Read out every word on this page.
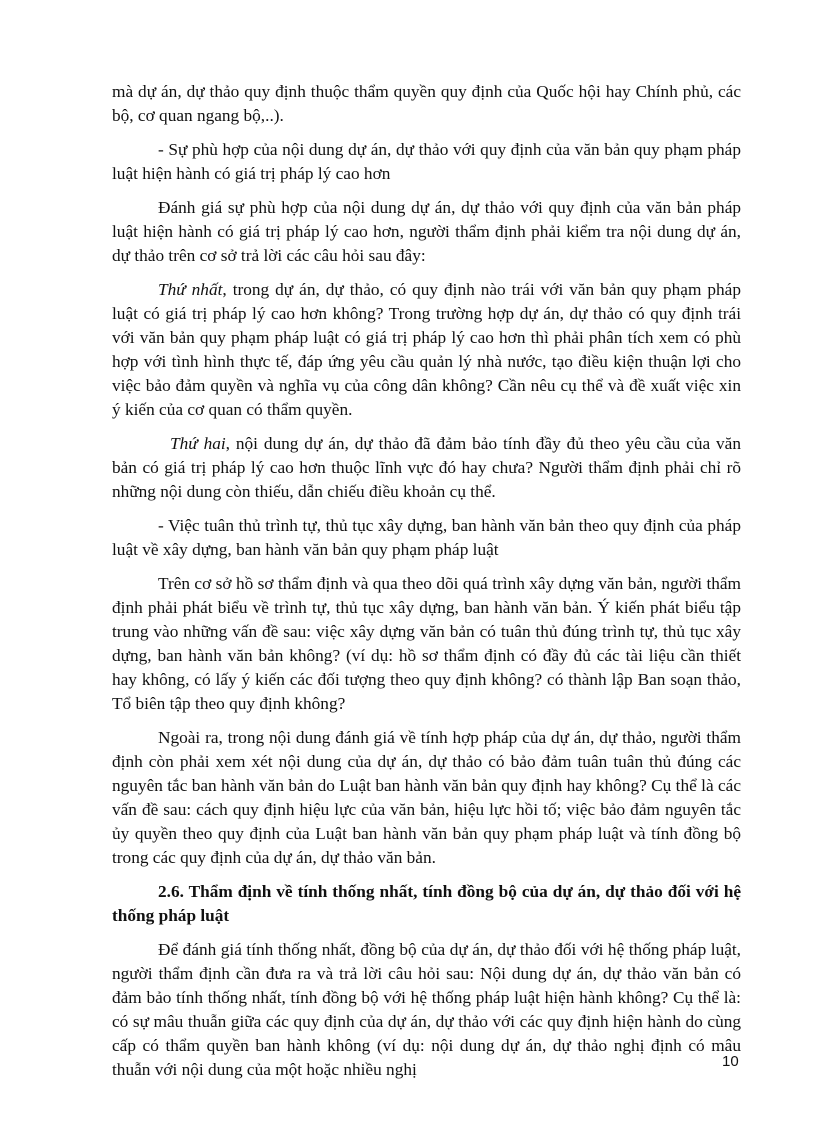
mà dự án, dự thảo quy định thuộc thẩm quyền quy định của Quốc hội hay Chính phủ, các bộ, cơ quan ngang bộ,..).

- Sự phù hợp của nội dung dự án, dự thảo với quy định của văn bản quy phạm pháp luật hiện hành có giá trị pháp lý cao hơn

Đánh giá sự phù hợp của nội dung dự án, dự thảo với quy định của văn bản pháp luật hiện hành có giá trị pháp lý cao hơn, người thẩm định phải kiểm tra nội dung dự án, dự thảo trên cơ sở trả lời các câu hỏi sau đây:

Thứ nhất, trong dự án, dự thảo, có quy định nào trái với văn bản quy phạm pháp luật có giá trị pháp lý cao hơn không? Trong trường hợp dự án, dự thảo có quy định trái với văn bản quy phạm pháp luật có giá trị pháp lý cao hơn thì phải phân tích xem có phù hợp với tình hình thực tế, đáp ứng yêu cầu quản lý nhà nước, tạo điều kiện thuận lợi cho việc bảo đảm quyền và nghĩa vụ của công dân không? Cần nêu cụ thể và đề xuất việc xin ý kiến của cơ quan có thẩm quyền.

Thứ hai, nội dung dự án, dự thảo đã đảm bảo tính đầy đủ theo yêu cầu của văn bản có giá trị pháp lý cao hơn thuộc lĩnh vực đó hay chưa? Người thẩm định phải chỉ rõ những nội dung còn thiếu, dẫn chiếu điều khoản cụ thể.

- Việc tuân thủ trình tự, thủ tục xây dựng, ban hành văn bản theo quy định của pháp luật về xây dựng, ban hành văn bản quy phạm pháp luật

Trên cơ sở hồ sơ thẩm định và qua theo dõi quá trình xây dựng văn bản, người thẩm định phải phát biểu về trình tự, thủ tục xây dựng, ban hành văn bản. Ý kiến phát biểu tập trung vào những vấn đề sau: việc xây dựng văn bản có tuân thủ đúng trình tự, thủ tục xây dựng, ban hành văn bản không? (ví dụ: hồ sơ thẩm định có đầy đủ các tài liệu cần thiết hay không, có lấy ý kiến các đối tượng theo quy định không? có thành lập Ban soạn thảo, Tổ biên tập theo quy định không?

Ngoài ra, trong nội dung đánh giá về tính hợp pháp của dự án, dự thảo, người thẩm định còn phải xem xét nội dung của dự án, dự thảo có bảo đảm tuân tuân thủ đúng các nguyên tắc ban hành văn bản do Luật ban hành văn bản quy định hay không? Cụ thể là các vấn đề sau: cách quy định hiệu lực của văn bản, hiệu lực hồi tố; việc bảo đảm nguyên tắc ủy quyền theo quy định của Luật ban hành văn bản quy phạm pháp luật và tính đồng bộ trong các quy định của dự án, dự thảo văn bản.

2.6. Thẩm định về tính thống nhất, tính đồng bộ của dự án, dự thảo đối với hệ thống pháp luật

Để đánh giá tính thống nhất, đồng bộ của dự án, dự thảo đối với hệ thống pháp luật, người thẩm định cần đưa ra và trả lời câu hỏi sau: Nội dung dự án, dự thảo văn bản có đảm bảo tính thống nhất, tính đồng bộ với hệ thống pháp luật hiện hành không? Cụ thể là: có sự mâu thuẫn giữa các quy định của dự án, dự thảo với các quy định hiện hành do cùng cấp có thẩm quyền ban hành không (ví dụ: nội dung dự án, dự thảo nghị định có mâu thuẫn với nội dung của một hoặc nhiều nghị	10
